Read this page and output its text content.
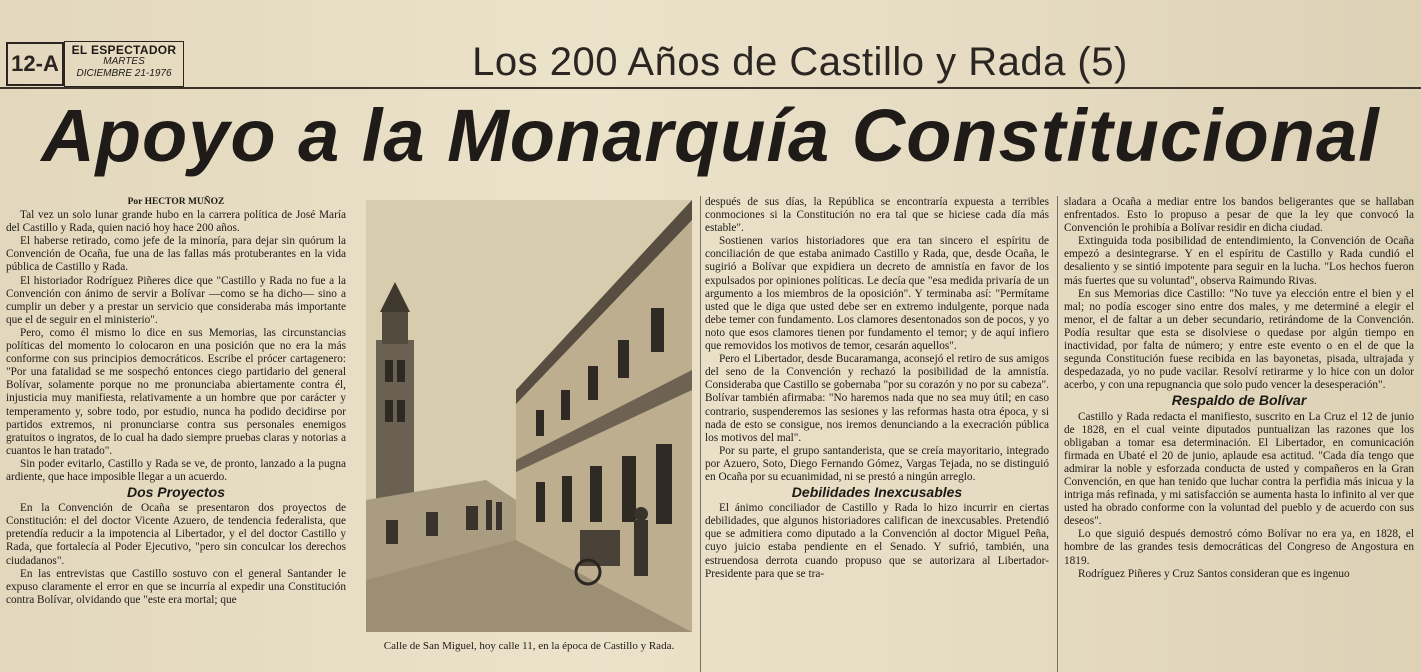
12-A
EL ESPECTADOR
MARTES
DICIEMBRE 21-1976	Los 200 Años de Castillo y Rada (5)
Apoyo a la Monarquía Constitucional

Por HECTOR MUÑOZ

Tal vez un solo lunar grande hubo en la carrera política de José María del Castillo y Rada, quien nació hoy hace 200 años.

El haberse retirado, como jefe de la minoría, para dejar sin quórum la Convención de Ocaña, fue una de las fallas más protuberantes en la vida pública de Castillo y Rada.

El historiador Rodríguez Piñeres dice que "Castillo y Rada no fue a la Convención con ánimo de servir a Bolívar —como se ha dicho— sino a cumplir un deber y a prestar un servicio que consideraba más importante que el de seguir en el ministerio".

Pero, como él mismo lo dice en sus Memorias, las circunstancias políticas del momento lo colocaron en una posición que no era la más conforme con sus principios democráticos. Escribe el prócer cartagenero: "Por una fatalidad se me sospechó entonces ciego partidario del general Bolívar, solamente porque no me pronunciaba abiertamente contra él, injusticia muy manifiesta, relativamente a un hombre que por carácter y temperamento y, sobre todo, por estudio, nunca ha podido decidirse por partidos extremos, ni pronunciarse contra sus personales enemigos gratuitos o ingratos, de lo cual ha dado siempre pruebas claras y notorias a cuantos le han tratado".

Sin poder evitarlo, Castillo y Rada se ve, de pronto, lanzado a la pugna ardiente, que hace imposible llegar a un acuerdo.

Dos Proyectos

En la Convención de Ocaña se presentaron dos proyectos de Constitución: el del doctor Vicente Azuero, de tendencia federalista, que pretendía reducir a la impotencia al Libertador, y el del doctor Castillo y Rada, que fortalecía al Poder Ejecutivo, "pero sin conculcar los derechos ciudadanos".

En las entrevistas que Castillo sostuvo con el general Santander le expuso claramente el error en que se incurría al expedir una Constitución contra Bolívar, olvidando que "este era mortal; que

Calle de San Miguel, hoy calle 11, en la época de Castillo y Rada.

después de sus días, la República se encontraría expuesta a terribles conmociones si la Constitución no era tal que se hiciese cada día más estable".

Sostienen varios historiadores que era tan sincero el espíritu de conciliación de que estaba animado Castillo y Rada, que, desde Ocaña, le sugirió a Bolívar que expidiera un decreto de amnistía en favor de los expulsados por opiniones políticas. Le decía que "esa medida privaría de un argumento a los miembros de la oposición". Y terminaba así: "Permítame usted que le diga que usted debe ser en extremo indulgente, porque nada debe temer con fundamento. Los clamores desentonados son de pocos, y yo noto que esos clamores tienen por fundamento el temor; y de aquí infiero que removidos los motivos de temor, cesarán aquellos".

Pero el Libertador, desde Bucaramanga, aconsejó el retiro de sus amigos del seno de la Convención y rechazó la posibilidad de la amnistía. Consideraba que Castillo se gobernaba "por su corazón y no por su cabeza". Bolívar también afirmaba: "No haremos nada que no sea muy útil; en caso contrario, suspenderemos las sesiones y las reformas hasta otra época, y si nada de esto se consigue, nos iremos denunciando a la execración pública los motivos del mal".

Por su parte, el grupo santanderista, que se creía mayoritario, integrado por Azuero, Soto, Diego Fernando Gómez, Vargas Tejada, no se distinguió en Ocaña por su ecuanimidad, ni se prestó a ningún arreglo.

Debilidades Inexcusables

El ánimo conciliador de Castillo y Rada lo hizo incurrir en ciertas debilidades, que algunos historiadores califican de inexcusables. Pretendió que se admitiera como diputado a la Convención al doctor Miguel Peña, cuyo juicio estaba pendiente en el Senado. Y sufrió, también, una estruendosa derrota cuando propuso que se autorizara al Libertador-Presidente para que se tra-

sladara a Ocaña a mediar entre los bandos beligerantes que se hallaban enfrentados. Esto lo propuso a pesar de que la ley que convocó la Convención le prohibía a Bolívar residir en dicha ciudad.

Extinguida toda posibilidad de entendimiento, la Convención de Ocaña empezó a desintegrarse. Y en el espíritu de Castillo y Rada cundió el desaliento y se sintió impotente para seguir en la lucha. "Los hechos fueron más fuertes que su voluntad", observa Raimundo Rivas.

En sus Memorias dice Castillo: "No tuve ya elección entre el bien y el mal; no podía escoger sino entre dos males, y me determiné a elegir el menor, el de faltar a un deber secundario, retirándome de la Convención. Podía resultar que esta se disolviese o quedase por algún tiempo en inactividad, por falta de número; y entre este evento o en el de que la segunda Constitución fuese recibida en las bayonetas, pisada, ultrajada y despedazada, yo no pude vacilar. Resolví retirarme y lo hice con un dolor acerbo, y con una repugnancia que solo pudo vencer la desesperación".

Respaldo de Bolívar

Castillo y Rada redacta el manifiesto, suscrito en La Cruz el 12 de junio de 1828, en el cual veinte diputados puntualizan las razones que los obligaban a tomar esa determinación. El Libertador, en comunicación firmada en Ubaté el 20 de junio, aplaude esa actitud. "Cada día tengo que admirar la noble y esforzada conducta de usted y compañeros en la Gran Convención, en que han tenido que luchar contra la perfidia más inicua y la intriga más refinada, y mi satisfacción se aumenta hasta lo infinito al ver que usted ha obrado conforme con la voluntad del pueblo y de acuerdo con sus deseos".

Lo que siguió después demostró cómo Bolívar no era ya, en 1828, el hombre de las grandes tesis democráticas del Congreso de Angostura en 1819.

Rodríguez Piñeres y Cruz Santos consideran que es ingenuo
